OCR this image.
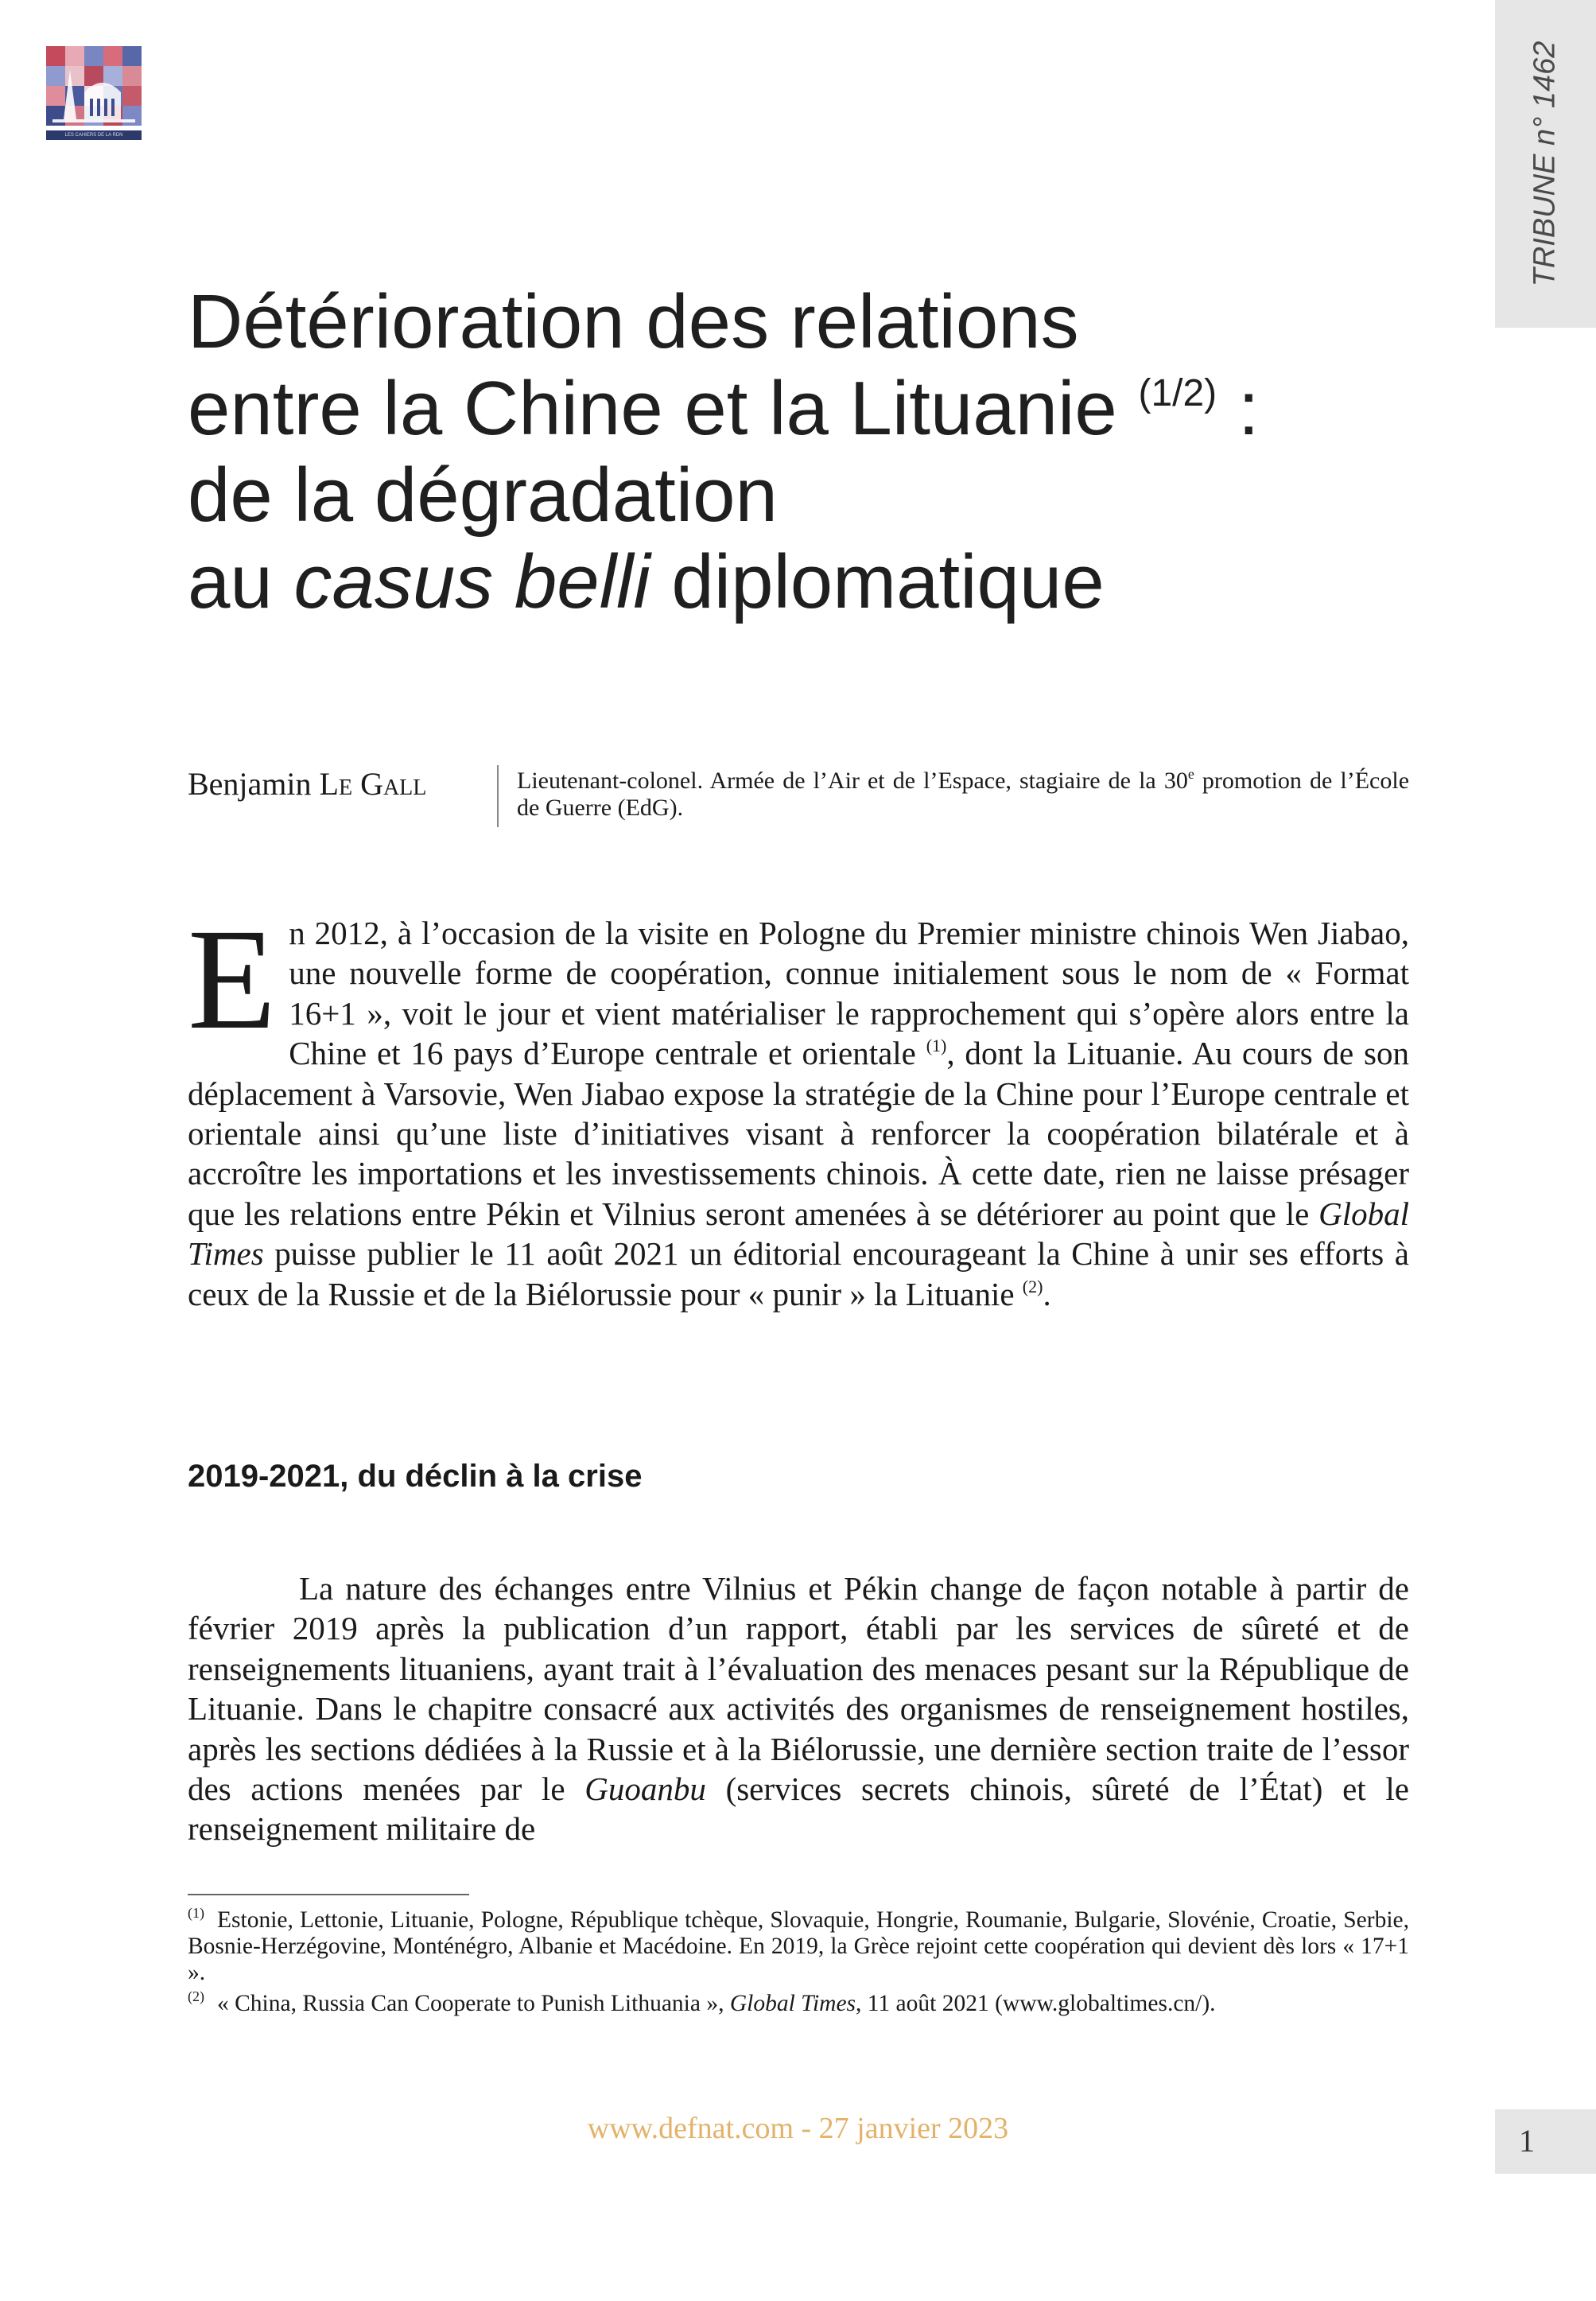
LES CAHIERS DE LA RDN	TRIBUNE n° 1462
Détérioration des relations
entre la Chine et la Lituanie $^{(1/2)}$ :
de la dégradation
au casus belli diplomatique
Benjamin Le Gall	Lieutenant-colonel. Armée de l’Air et de l’Espace, stagiaire de la 30e promotion de l’École de Guerre (EdG).

En 2012, à l’occasion de la visite en Pologne du Premier ministre chinois Wen Jiabao, une nouvelle forme de coopération, connue initialement sous le nom de « Format 16+1 », voit le jour et vient matérialiser le rapprochement qui s’opère alors entre la Chine et 16 pays d’Europe centrale et orientale $^{(1)}$, dont la Lituanie. Au cours de son déplacement à Varsovie, Wen Jiabao expose la stratégie de la Chine pour l’Europe centrale et orientale ainsi qu’une liste d’initiatives visant à renforcer la coopération bilatérale et à accroître les importations et les investissements chinois. À cette date, rien ne laisse présager que les relations entre Pékin et Vilnius seront amenées à se détériorer au point que le Global Times puisse publier le 11 août 2021 un éditorial encourageant la Chine à unir ses efforts à ceux de la Russie et de la Biélorussie pour « punir » la Lituanie $^{(2)}$.

2019-2021, du déclin à la crise

La nature des échanges entre Vilnius et Pékin change de façon notable à partir de février 2019 après la publication d’un rapport, établi par les services de sûreté et de renseignements lituaniens, ayant trait à l’évaluation des menaces pesant sur la République de Lituanie. Dans le chapitre consacré aux activités des organismes de renseignement hostiles, après les sections dédiées à la Russie et à la Biélorussie, une dernière section traite de l’essor des actions menées par le Guoanbu (services secrets chinois, sûreté de l’État) et le renseignement militaire de

$^{(1)}$ Estonie, Lettonie, Lituanie, Pologne, République tchèque, Slovaquie, Hongrie, Roumanie, Bulgarie, Slovénie, Croatie, Serbie, Bosnie-Herzégovine, Monténégro, Albanie et Macédoine. En 2019, la Grèce rejoint cette coopération qui devient dès lors « 17+1 ».

$^{(2)}$ « China, Russia Can Cooperate to Punish Lithuania », Global Times, 11 août 2021 (www.globaltimes.cn/).

www.defnat.com - 27 janvier 2023	1
